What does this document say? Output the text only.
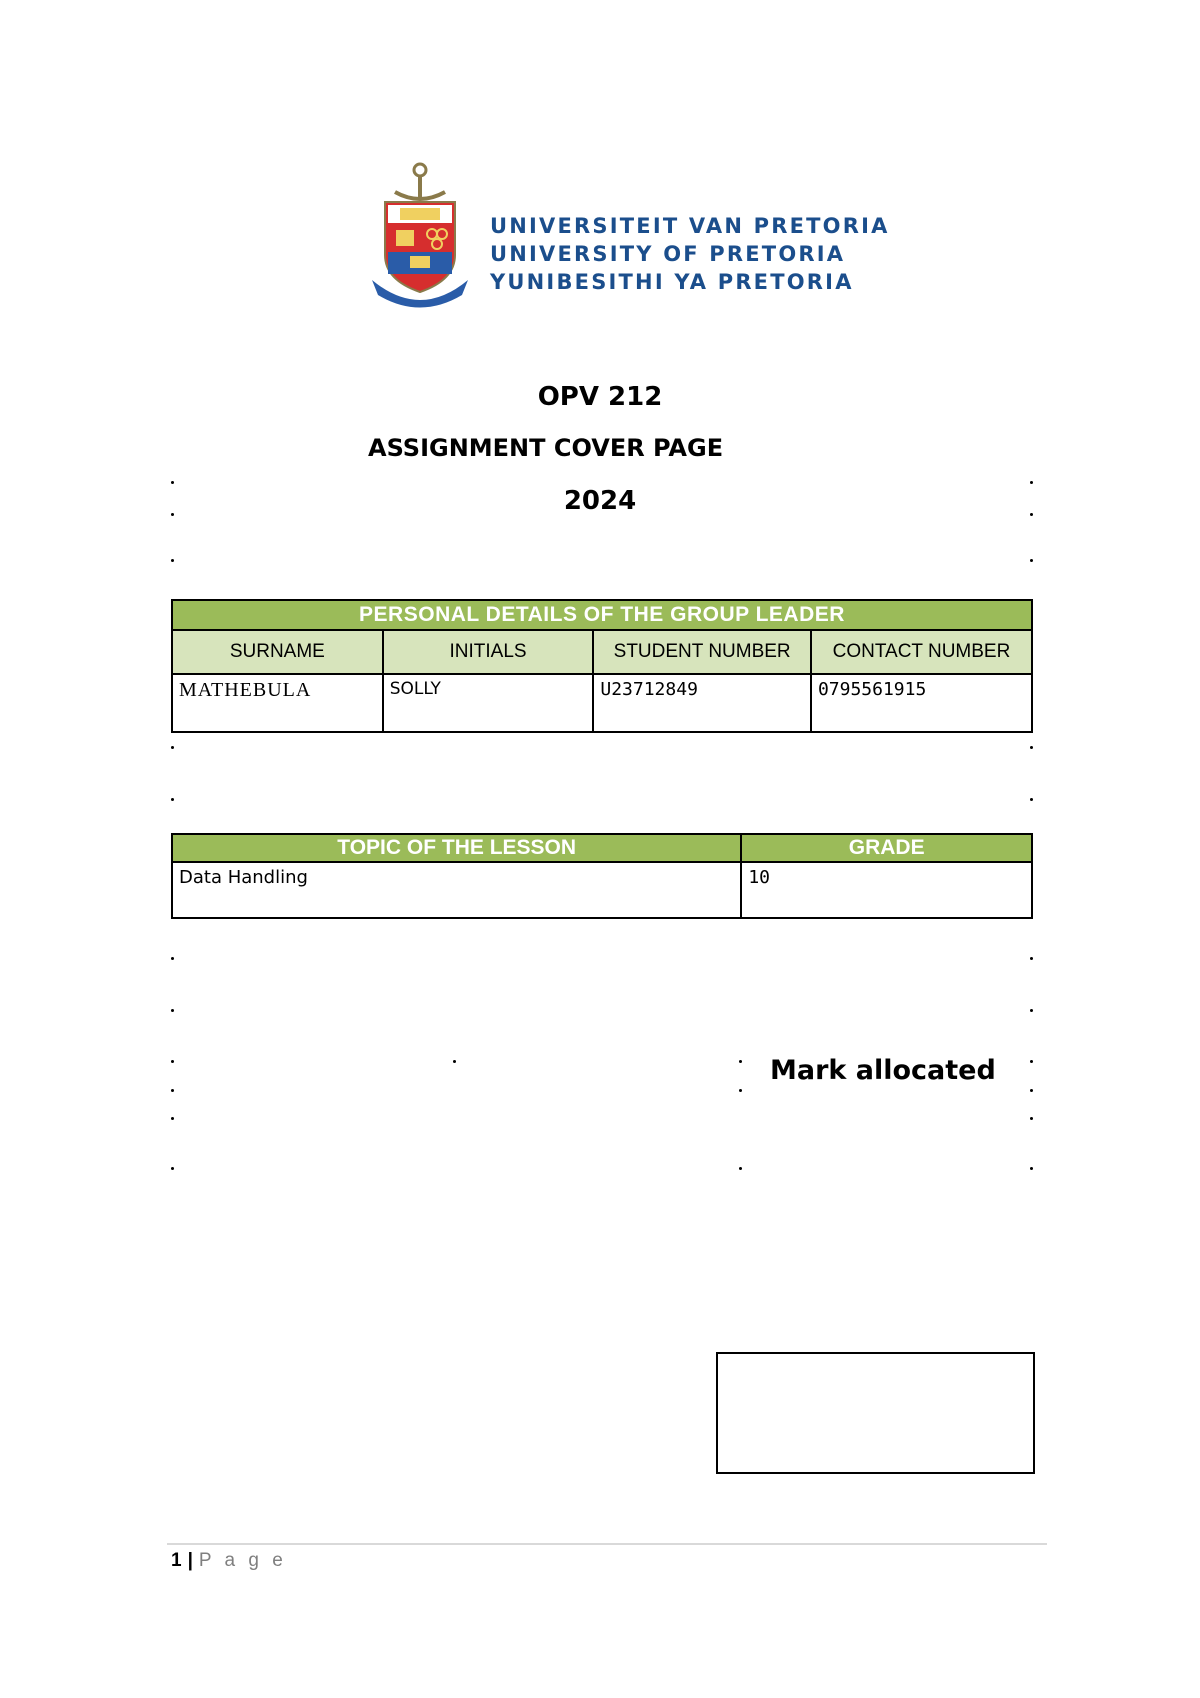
UNIVERSITEIT VAN PRETORIA
UNIVERSITY OF PRETORIA
YUNIBESITHI YA PRETORIA
OPV 212
ASSIGNMENT COVER PAGE
2024
PERSONAL DETAILS OF THE GROUP LEADER			
SURNAME	INITIALS	STUDENT NUMBER	CONTACT NUMBER
MATHEBULA	SOLLY	U23712849	0795561915
TOPIC OF THE LESSON	GRADE
Data Handling	10
Mark allocated
1 | P a g e
